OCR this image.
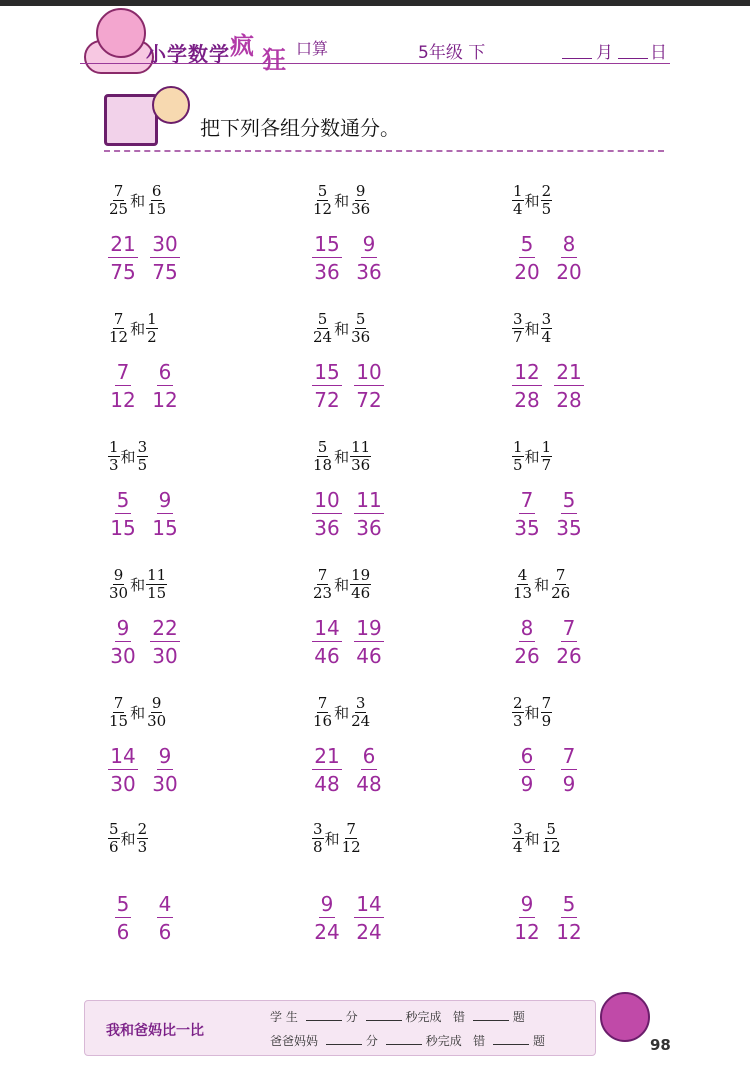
小学数学 疯 狂 口算	5年级 下	月 日
把下列各组分数通分。
$\frac{7}{25}$ 和 $\frac{6}{15}$
$\frac{21}{75} \frac{30}{75}$
$\frac{5}{12}$ 和 $\frac{9}{36}$
$\frac{15}{36} \frac{9}{36}$
$\frac{1}{4}$ 和 $\frac{2}{5}$
$\frac{5}{20} \frac{8}{20}$
$\frac{7}{12}$ 和 $\frac{1}{2}$
$\frac{7}{12} \frac{6}{12}$
$\frac{5}{24}$ 和 $\frac{5}{36}$
$\frac{15}{72} \frac{10}{72}$
$\frac{3}{7}$ 和 $\frac{3}{4}$
$\frac{12}{28} \frac{21}{28}$
$\frac{1}{3}$ 和 $\frac{3}{5}$
$\frac{5}{15} \frac{9}{15}$
$\frac{5}{18}$ 和 $\frac{11}{36}$
$\frac{10}{36} \frac{11}{36}$
$\frac{1}{5}$ 和 $\frac{1}{7}$
$\frac{7}{35} \frac{5}{35}$
$\frac{9}{30}$ 和 $\frac{11}{15}$
$\frac{9}{30} \frac{22}{30}$
$\frac{7}{23}$ 和 $\frac{19}{46}$
$\frac{14}{46} \frac{19}{46}$
$\frac{4}{13}$ 和 $\frac{7}{26}$
$\frac{8}{26} \frac{7}{26}$
$\frac{7}{15}$ 和 $\frac{9}{30}$
$\frac{14}{30} \frac{9}{30}$
$\frac{7}{16}$ 和 $\frac{3}{24}$
$\frac{21}{48} \frac{6}{48}$
$\frac{2}{3}$ 和 $\frac{7}{9}$
$\frac{6}{9} \frac{7}{9}$
$\frac{5}{6}$ 和 $\frac{2}{3}$
$\frac{5}{6} \frac{4}{6}$
$\frac{3}{8}$ 和 $\frac{7}{12}$
$\frac{9}{24} \frac{14}{24}$
$\frac{3}{4}$ 和 $\frac{5}{12}$
$\frac{9}{12} \frac{5}{12}$
我和爸妈比一比
学 生	分	秒完成 错	题
爸爸妈妈	分	秒完成 错	题	98
